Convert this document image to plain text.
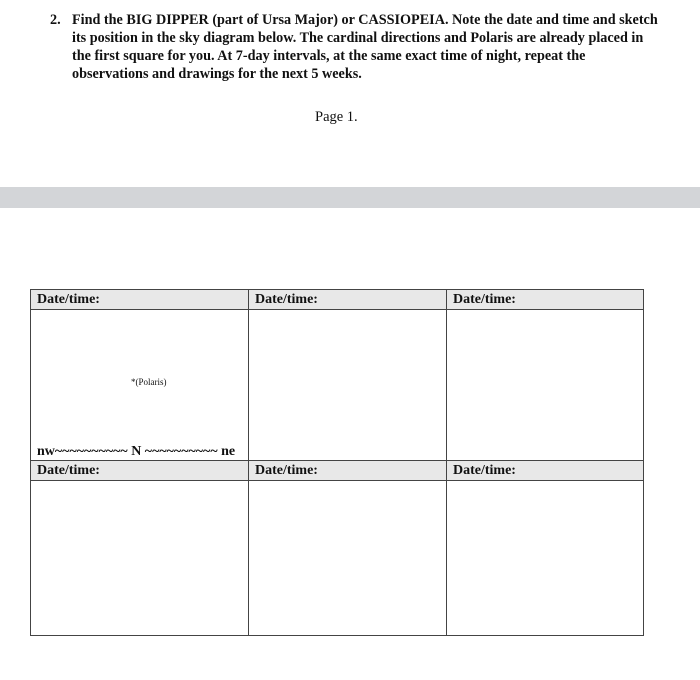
2. Find the BIG DIPPER (part of Ursa Major) or CASSIOPEIA. Note the date and time and sketch its position in the sky diagram below. The cardinal directions and Polaris are already placed in the first square for you. At 7-day intervals, at the same exact time of night, repeat the observations and drawings for the next 5 weeks.
Page 1.
Date/time:	Date/time:	Date/time:

*(Polaris)
nw~~~~~~~~~~ N ~~~~~~~~~~ ne		

Date/time:	Date/time:	Date/time:
